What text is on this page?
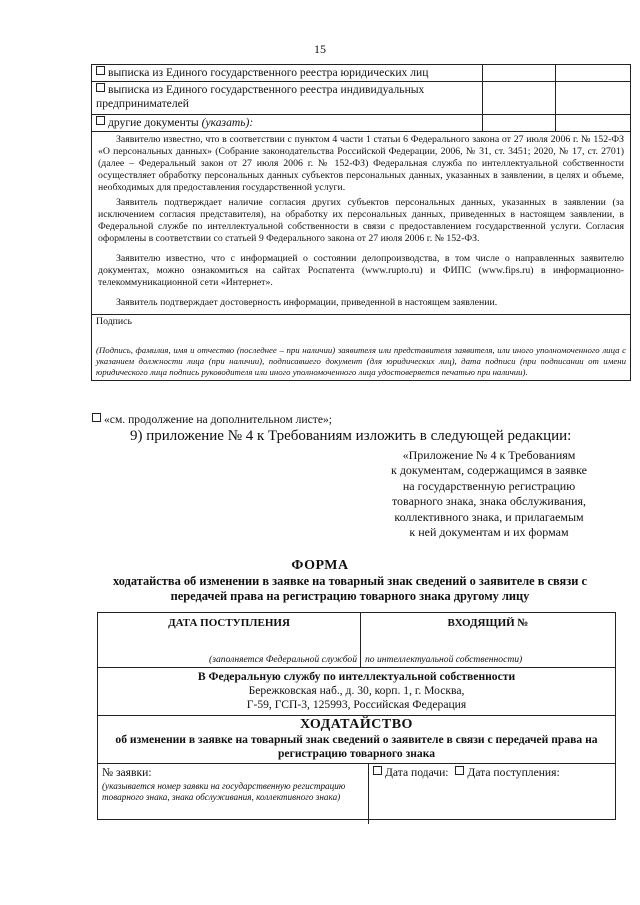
15
выписка из Единого государственного реестра юридических лиц
выписка из Единого государственного реестра индивидуальных предпринимателей
другие документы (указать):

Заявителю известно, что в соответствии с пунктом 4 части 1 статьи 6 Федерального закона от 27 июля 2006 г. № 152-ФЗ «О персональных данных» (Собрание законодательства Российской Федерации, 2006, № 31, ст. 3451; 2020, № 17, ст. 2701) (далее – Федеральный закон от 27 июля 2006 г. № 152-ФЗ) Федеральная служба по интеллектуальной собственности осуществляет обработку персональных данных субъектов персональных данных, указанных в заявлении, в целях и объеме, необходимых для предоставления государственной услуги.

Заявитель подтверждает наличие согласия других субъектов персональных данных, указанных в заявлении (за исключением согласия представителя), на обработку их персональных данных, приведенных в настоящем заявлении, в Федеральной службе по интеллектуальной собственности в связи с предоставлением государственной услуги. Согласия оформлены в соответствии со статьей 9 Федерального закона от 27 июля 2006 г. № 152-ФЗ.

Заявителю известно, что с информацией о состоянии делопроизводства, в том числе о направленных заявителю документах, можно ознакомиться на сайтах Роспатента (www.rupto.ru) и ФИПС (www.fips.ru) в информационно-телекоммуникационной сети «Интернет».

Заявитель подтверждает достоверность информации, приведенной в настоящем заявлении.

Подпись
(Подпись, фамилия, имя и отчество (последнее – при наличии) заявителя или представителя заявителя, или иного уполномоченного лица с указанием должности лица (при наличии), подписавшего документ (для юридических лиц), дата подписи (при подписании от имени юридического лица подпись руководителя или иного уполномоченного лица удостоверяется печатью при наличии).
«см. продолжение на дополнительном листе»;
9) приложение № 4 к Требованиям изложить в следующей редакции:
«Приложение № 4 к Требованиям
к документам, содержащимся в заявке
на государственную регистрацию
товарного знака, знака обслуживания,
коллективного знака, и прилагаемым
к ней документам и их формам
ФОРМА
ходатайства об изменении в заявке на товарный знак сведений о заявителе в связи с передачей права на регистрацию товарного знака другому лицу
ДАТА ПОСТУПЛЕНИЯ
(заполняется Федеральной службой
ВХОДЯЩИЙ №
по интеллектуальной собственности)
В Федеральную службу по интеллектуальной собственности
Бережковская наб., д. 30, корп. 1, г. Москва,
Г-59, ГСП-3, 125993, Российская Федерация
ХОДАТАЙСТВО
об изменении в заявке на товарный знак сведений о заявителе в связи с передачей права на регистрацию товарного знака
№ заявки:
(указывается номер заявки на государственную регистрацию товарного знака, знака обслуживания, коллективного знака)
Дата подачи: Дата поступления:
